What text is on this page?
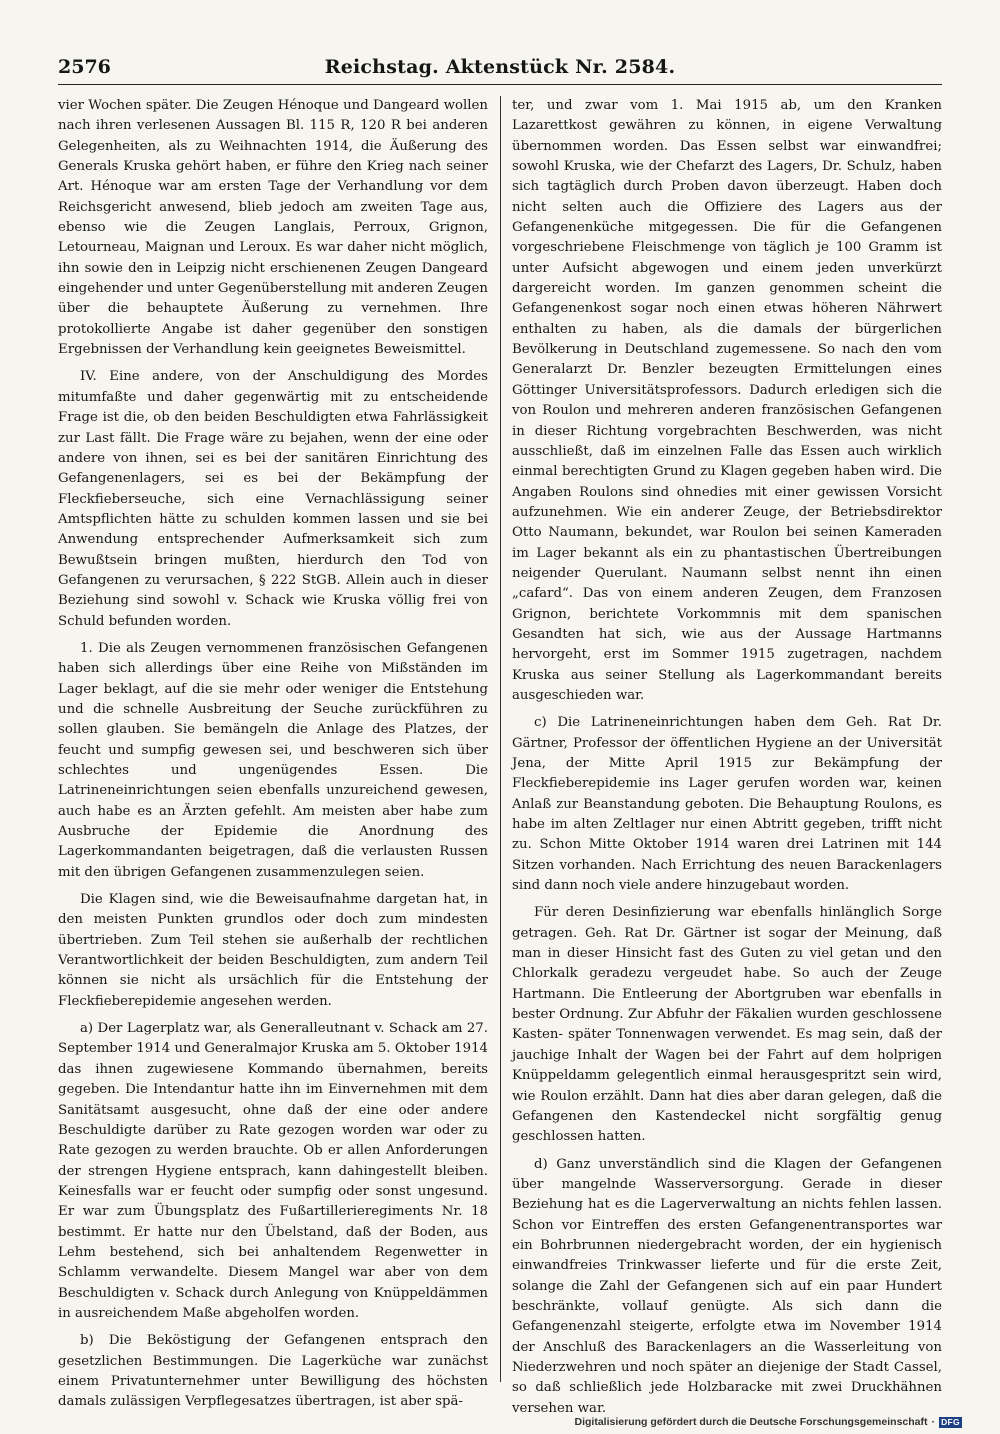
2576	Reichstag. Aktenstück Nr. 2584.

vier Wochen später. Die Zeugen Hénoque und Dangeard wollen nach ihren verlesenen Aussagen Bl. 115 R, 120 R bei anderen Gelegenheiten, als zu Weihnachten 1914, die Äußerung des Generals Kruska gehört haben, er führe den Krieg nach seiner Art. Hénoque war am ersten Tage der Verhandlung vor dem Reichsgericht anwesend, blieb jedoch am zweiten Tage aus, ebenso wie die Zeugen Langlais, Perroux, Grignon, Letourneau, Maignan und Leroux. Es war daher nicht möglich, ihn sowie den in Leipzig nicht erschienenen Zeugen Dangeard eingehender und unter Gegenüberstellung mit anderen Zeugen über die behauptete Äußerung zu vernehmen. Ihre protokollierte Angabe ist daher gegenüber den sonstigen Ergebnissen der Verhandlung kein geeignetes Beweismittel.

IV. Eine andere, von der Anschuldigung des Mordes mitumfaßte und daher gegenwärtig mit zu entscheidende Frage ist die, ob den beiden Beschuldigten etwa Fahrlässigkeit zur Last fällt. Die Frage wäre zu bejahen, wenn der eine oder andere von ihnen, sei es bei der sanitären Einrichtung des Gefangenenlagers, sei es bei der Bekämpfung der Fleckfieberseuche, sich eine Vernachlässigung seiner Amtspflichten hätte zu schulden kommen lassen und sie bei Anwendung entsprechender Aufmerksamkeit sich zum Bewußtsein bringen mußten, hierdurch den Tod von Gefangenen zu verursachen, § 222 StGB. Allein auch in dieser Beziehung sind sowohl v. Schack wie Kruska völlig frei von Schuld befunden worden.

1. Die als Zeugen vernommenen französischen Gefangenen haben sich allerdings über eine Reihe von Mißständen im Lager beklagt, auf die sie mehr oder weniger die Entstehung und die schnelle Ausbreitung der Seuche zurückführen zu sollen glauben. Sie bemängeln die Anlage des Platzes, der feucht und sumpfig gewesen sei, und beschweren sich über schlechtes und ungenügendes Essen. Die Latrineneinrichtungen seien ebenfalls unzureichend gewesen, auch habe es an Ärzten gefehlt. Am meisten aber habe zum Ausbruche der Epidemie die Anordnung des Lagerkommandanten beigetragen, daß die verlausten Russen mit den übrigen Gefangenen zusammenzulegen seien.

Die Klagen sind, wie die Beweisaufnahme dargetan hat, in den meisten Punkten grundlos oder doch zum mindesten übertrieben. Zum Teil stehen sie außerhalb der rechtlichen Verantwortlichkeit der beiden Beschuldigten, zum andern Teil können sie nicht als ursächlich für die Entstehung der Fleckfieberepidemie angesehen werden.

a) Der Lagerplatz war, als Generalleutnant v. Schack am 27. September 1914 und Generalmajor Kruska am 5. Oktober 1914 das ihnen zugewiesene Kommando übernahmen, bereits gegeben. Die Intendantur hatte ihn im Einvernehmen mit dem Sanitätsamt ausgesucht, ohne daß der eine oder andere Beschuldigte darüber zu Rate gezogen worden war oder zu Rate gezogen zu werden brauchte. Ob er allen Anforderungen der strengen Hygiene entsprach, kann dahingestellt bleiben. Keinesfalls war er feucht oder sumpfig oder sonst ungesund. Er war zum Übungsplatz des Fußartillerieregiments Nr. 18 bestimmt. Er hatte nur den Übelstand, daß der Boden, aus Lehm bestehend, sich bei anhaltendem Regenwetter in Schlamm verwandelte. Diesem Mangel war aber von dem Beschuldigten v. Schack durch Anlegung von Knüppeldämmen in ausreichendem Maße abgeholfen worden.

b) Die Beköstigung der Gefangenen entsprach den gesetzlichen Bestimmungen. Die Lagerküche war zunächst einem Privatunternehmer unter Bewilligung des höchsten damals zulässigen Verpflegesatzes übertragen, ist aber spä-

ter, und zwar vom 1. Mai 1915 ab, um den Kranken Lazarettkost gewähren zu können, in eigene Verwaltung übernommen worden. Das Essen selbst war einwandfrei; sowohl Kruska, wie der Chefarzt des Lagers, Dr. Schulz, haben sich tagtäglich durch Proben davon überzeugt. Haben doch nicht selten auch die Offiziere des Lagers aus der Gefangenenküche mitgegessen. Die für die Gefangenen vorgeschriebene Fleischmenge von täglich je 100 Gramm ist unter Aufsicht abgewogen und einem jeden unverkürzt dargereicht worden. Im ganzen genommen scheint die Gefangenenkost sogar noch einen etwas höheren Nährwert enthalten zu haben, als die damals der bürgerlichen Bevölkerung in Deutschland zugemessene. So nach den vom Generalarzt Dr. Benzler bezeugten Ermittelungen eines Göttinger Universitätsprofessors. Dadurch erledigen sich die von Roulon und mehreren anderen französischen Gefangenen in dieser Richtung vorgebrachten Beschwerden, was nicht ausschließt, daß im einzelnen Falle das Essen auch wirklich einmal berechtigten Grund zu Klagen gegeben haben wird. Die Angaben Roulons sind ohnedies mit einer gewissen Vorsicht aufzunehmen. Wie ein anderer Zeuge, der Betriebsdirektor Otto Naumann, bekundet, war Roulon bei seinen Kameraden im Lager bekannt als ein zu phantastischen Übertreibungen neigender Querulant. Naumann selbst nennt ihn einen „cafard“. Das von einem anderen Zeugen, dem Franzosen Grignon, berichtete Vorkommnis mit dem spanischen Gesandten hat sich, wie aus der Aussage Hartmanns hervorgeht, erst im Sommer 1915 zugetragen, nachdem Kruska aus seiner Stellung als Lagerkommandant bereits ausgeschieden war.

c) Die Latrineneinrichtungen haben dem Geh. Rat Dr. Gärtner, Professor der öffentlichen Hygiene an der Universität Jena, der Mitte April 1915 zur Bekämpfung der Fleckfieberepidemie ins Lager gerufen worden war, keinen Anlaß zur Beanstandung geboten. Die Behauptung Roulons, es habe im alten Zeltlager nur einen Abtritt gegeben, trifft nicht zu. Schon Mitte Oktober 1914 waren drei Latrinen mit 144 Sitzen vorhanden. Nach Errichtung des neuen Barackenlagers sind dann noch viele andere hinzugebaut worden.

Für deren Desinfizierung war ebenfalls hinlänglich Sorge getragen. Geh. Rat Dr. Gärtner ist sogar der Meinung, daß man in dieser Hinsicht fast des Guten zu viel getan und den Chlorkalk geradezu vergeudet habe. So auch der Zeuge Hartmann. Die Entleerung der Abortgruben war ebenfalls in bester Ordnung. Zur Abfuhr der Fäkalien wurden geschlossene Kasten- später Tonnenwagen verwendet. Es mag sein, daß der jauchige Inhalt der Wagen bei der Fahrt auf dem holprigen Knüppeldamm gelegentlich einmal herausgespritzt sein wird, wie Roulon erzählt. Dann hat dies aber daran gelegen, daß die Gefangenen den Kastendeckel nicht sorgfältig genug geschlossen hatten.

d) Ganz unverständlich sind die Klagen der Gefangenen über mangelnde Wasserversorgung. Gerade in dieser Beziehung hat es die Lagerverwaltung an nichts fehlen lassen. Schon vor Eintreffen des ersten Gefangenentransportes war ein Bohrbrunnen niedergebracht worden, der ein hygienisch einwandfreies Trinkwasser lieferte und für die erste Zeit, solange die Zahl der Gefangenen sich auf ein paar Hundert beschränkte, vollauf genügte. Als sich dann die Gefangenenzahl steigerte, erfolgte etwa im November 1914 der Anschluß des Barackenlagers an die Wasserleitung von Niederzwehren und noch später an diejenige der Stadt Cassel, so daß schließlich jede Holzbaracke mit zwei Druckhähnen versehen war.

Digitalisierung gefördert durch die Deutsche Forschungsgemeinschaft · DFG
